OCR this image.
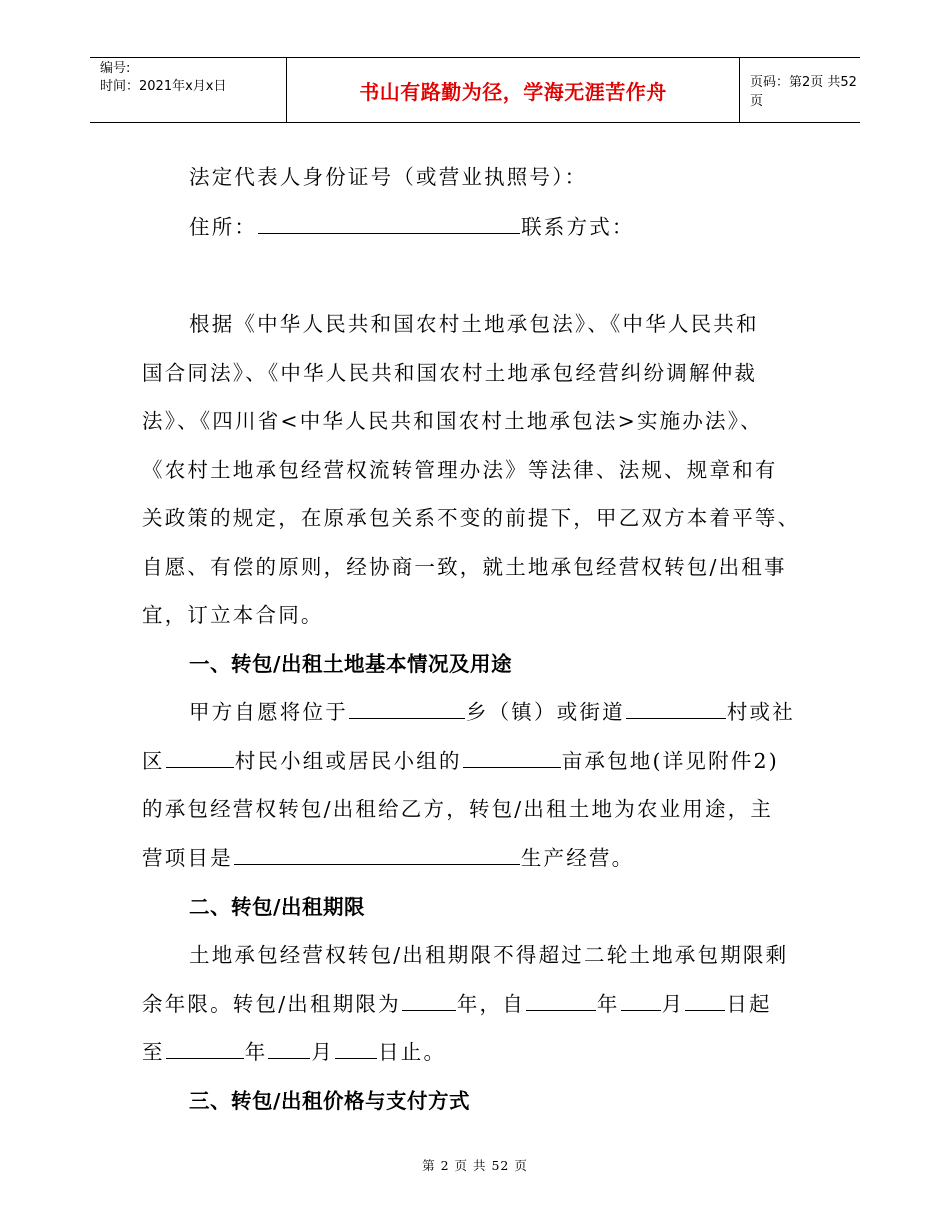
编号:
时间：2021年x月x日	书山有路勤为径，学海无涯苦作舟	页码：第2页 共52页
法定代表人身份证号（或营业执照号）：
住所：	联系方式：
根据《中华人民共和国农村土地承包法》、《中华人民共和
国合同法》、《中华人民共和国农村土地承包经营纠纷调解仲裁
法》、《四川省<中华人民共和国农村土地承包法>实施办法》、
《农村土地承包经营权流转管理办法》等法律、法规、规章和有
关政策的规定，在原承包关系不变的前提下，甲乙双方本着平等、
自愿、有偿的原则，经协商一致，就土地承包经营权转包/出租事
宜，订立本合同。
一、转包/出租土地基本情况及用途
甲方自愿将位于	乡（镇）或街道	村或社
区	村民小组或居民小组的	亩承包地(详见附件2)
的承包经营权转包/出租给乙方，转包/出租土地为农业用途，主
营项目是	生产经营。
二、转包/出租期限
土地承包经营权转包/出租期限不得超过二轮土地承包期限剩
余年限。转包/出租期限为	年，自	年 月 日起
至	年 月 日止。
三、转包/出租价格与支付方式
第 2 页 共 52 页
